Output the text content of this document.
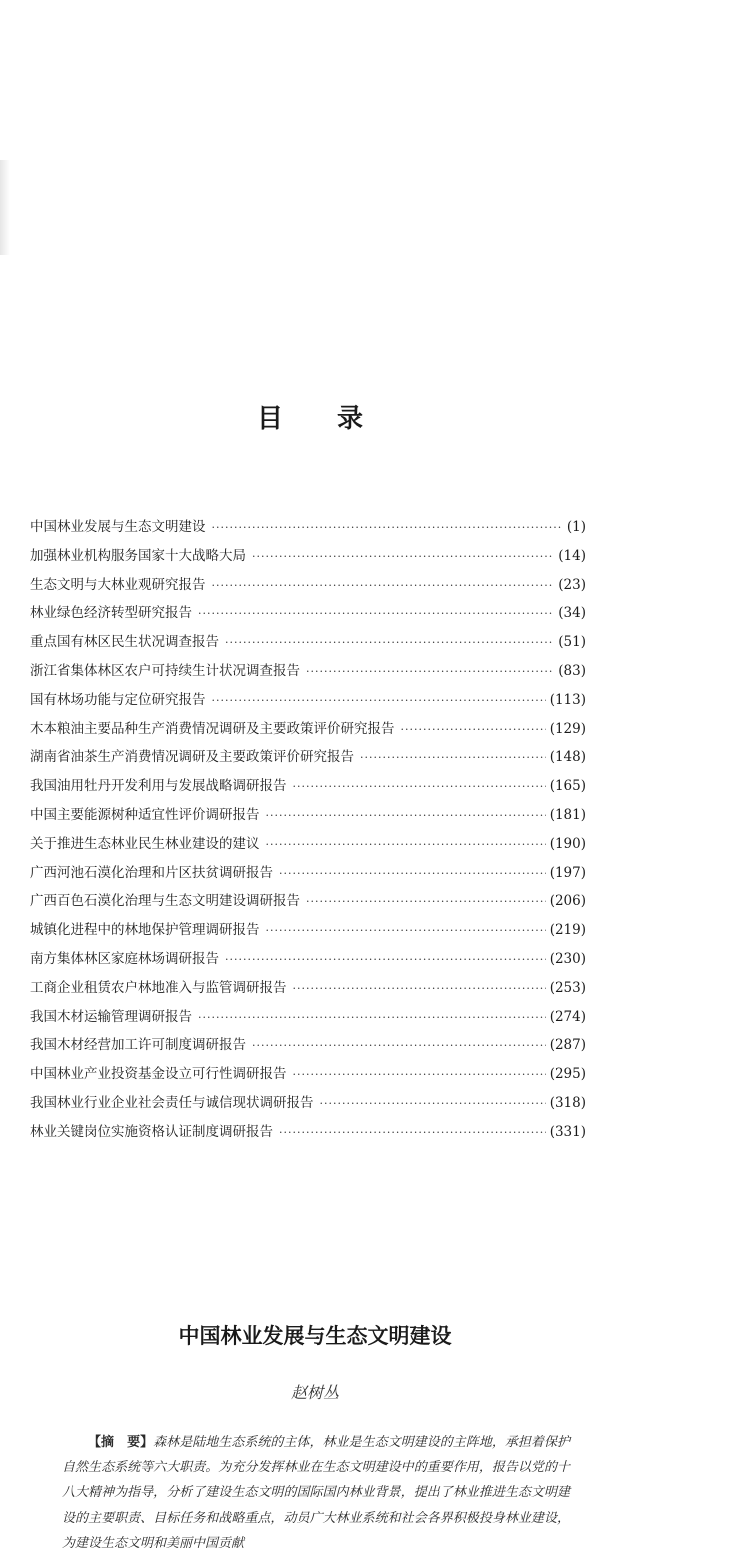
目 录
中国林业发展与生态文明建设 ·····	(1)
加强林业机构服务国家十大战略大局 ·····	(14)
生态文明与大林业观研究报告 ·····	(23)
林业绿色经济转型研究报告 ·····	(34)
重点国有林区民生状况调查报告 ·····	(51)
浙江省集体林区农户可持续生计状况调查报告 ·····	(83)
国有林场功能与定位研究报告 ·····	(113)
木本粮油主要品种生产消费情况调研及主要政策评价研究报告 ·····	(129)
湖南省油茶生产消费情况调研及主要政策评价研究报告 ·····	(148)
我国油用牡丹开发利用与发展战略调研报告 ·····	(165)
中国主要能源树种适宜性评价调研报告 ·····	(181)
关于推进生态林业民生林业建设的建议 ·····	(190)
广西河池石漠化治理和片区扶贫调研报告 ·····	(197)
广西百色石漠化治理与生态文明建设调研报告 ·····	(206)
城镇化进程中的林地保护管理调研报告 ·····	(219)
南方集体林区家庭林场调研报告 ·····	(230)
工商企业租赁农户林地准入与监管调研报告 ·····	(253)
我国木材运输管理调研报告 ·····	(274)
我国木材经营加工许可制度调研报告 ·····	(287)
中国林业产业投资基金设立可行性调研报告 ·····	(295)
我国林业行业企业社会责任与诚信现状调研报告 ·····	(318)
林业关键岗位实施资格认证制度调研报告 ·····	(331)
中国林业发展与生态文明建设
赵树丛
【摘　要】森林是陆地生态系统的主体，林业是生态文明建设的主阵地，承担着保护自然生态系统等六大职责。为充分发挥林业在生态文明建设中的重要作用，报告以党的十八大精神为指导，分析了建设生态文明的国际国内林业背景，提出了林业推进生态文明建设的主要职责、目标任务和战略重点，动员广大林业系统和社会各界积极投身林业建设，为建设生态文明和美丽中国贡献
